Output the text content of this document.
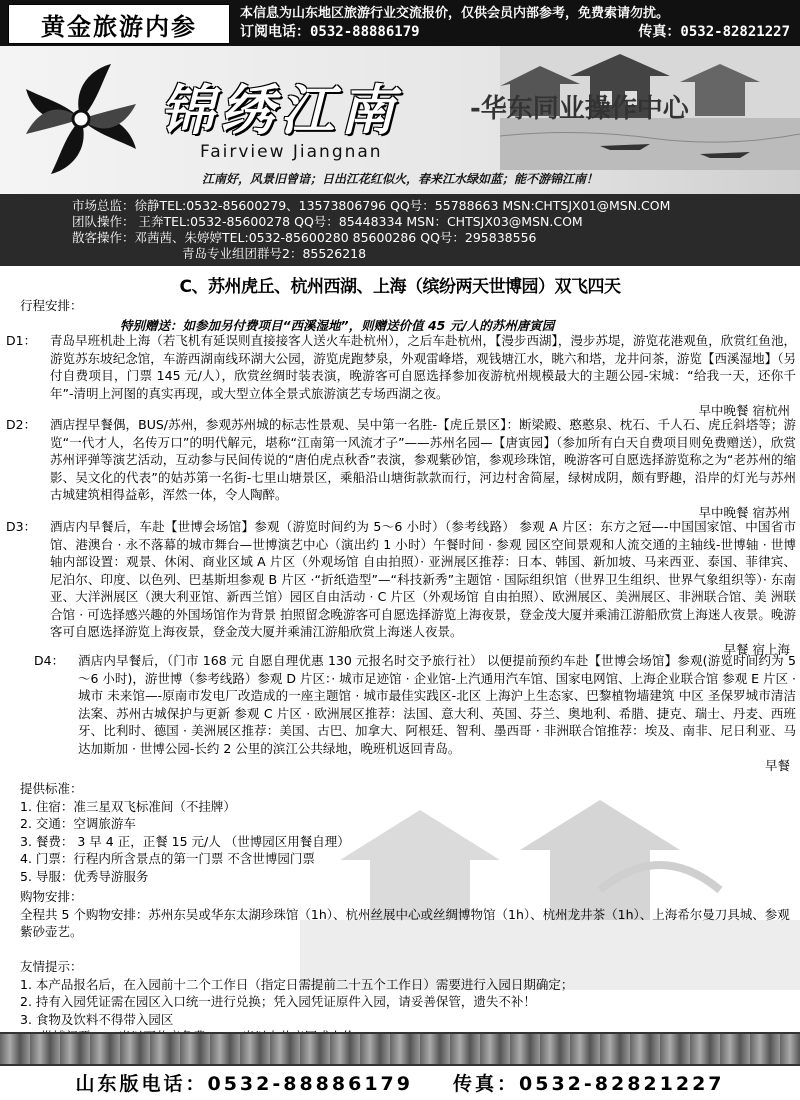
黄金旅游内参	本信息为山东地区旅游行业交流报价，仅供会员内部参考，免费索请勿扰。
订阅电话：0532-88886179	传真：0532-82821227
锦绣江南	-华东同业操作中心
Fairview Jiangnan
江南好，风景旧曾谙；日出江花红似火，春来江水绿如蓝；能不游锦江南！
市场总监：徐静TEL:0532-85600279、13573806796 QQ号：55788663 MSN:CHTSJX01@MSN.COM
团队操作： 王奔TEL:0532-85600278 QQ号：85448334 MSN：CHTSJX03@MSN.COM
散客操作：邓茜茜、朱婷婷TEL:0532-85600280 85600286 QQ号：295838556
青岛专业组团群号2：85526218
C、苏州虎丘、杭州西湖、上海（缤纷两天世博园）双飞四天
行程安排：
特别赠送：如参加另付费项目“西溪湿地”，则赠送价值 45 元/人的苏州唐寅园
D1：	青岛早班机赴上海（若飞机有延误则直接接客人送火车赴杭州），之后车赴杭州，【漫步西湖】，漫步苏堤，游览花港观鱼，欣赏红鱼池，游览苏东坡纪念馆，车游西湖南线环湖大公园，游览虎跑梦泉，外观雷峰塔，观钱塘江水，眺六和塔，龙井问茶，游览【西溪湿地】（另付自费项目，门票 145 元/人），欣赏丝绸时装表演，晚游客可自愿选择参加夜游杭州规模最大的主题公园-宋城：“给我一天，还你千年”-清明上河图的真实再现，或大型立体全景式旅游演艺专场西湖之夜。
早中晚餐 宿杭州
D2：	酒店捏早餐偶，BUS/苏州，参观苏州城的标志性景观、吴中第一名胜-【虎丘景区】：断梁殿、憨憨泉、枕石、千人石、虎丘斜塔等；游览“一代才人，名传万口”的明代解元，堪称“江南第一风流才子”——苏州名园—【唐寅园】（参加所有白天自费项目则免费赠送），欣赏苏州评弹等演艺活动，互动参与民间传说的“唐伯虎点秋香”表演，参观紫砂馆，参观珍珠馆，晚游客可自愿选择游览称之为“老苏州的缩影、吴文化的代表”的姑苏第一名街-七里山塘景区，乘船沿山塘街款款而行，河边村舍简屋，绿树成阴，颇有野趣，沿岸的灯光与苏州古城建筑相得益彰，浑然一体，令人陶醉。
早中晚餐 宿苏州
D3：	酒店内早餐后，车赴【世博会场馆】参观（游览时间约为 5～6 小时）（参考线路） 参观 A 片区：东方之冠—-中国国家馆、中国省市馆、港澳台 · 永不落幕的城市舞台—世博演艺中心（演出约 1 小时）午餐时间 · 参观 园区空间景观和人流交通的主轴线-世博轴 · 世博轴内部设置：观景、休闲、商业区域 A 片区（外观场馆 自由拍照）· 亚洲展区推荐：日本、韩国、新加坡、马来西亚、泰国、菲律宾、尼泊尔、印度、以色列、巴基斯坦参观 B 片区 ·“折纸造型”—“科技新秀”主题馆 · 国际组织馆（世界卫生组织、世界气象组织等）· 东南亚、大洋洲展区（澳大利亚馆、新西兰馆）园区自由活动 · C 片区（外观场馆 自由拍照）、欧洲展区、美洲展区、非洲联合馆、美 洲联合馆 · 可选择感兴趣的外国场馆作为背景 拍照留念晚游客可自愿选择游览上海夜景，登金茂大厦并乘浦江游船欣赏上海迷人夜景。晚游客可自愿选择游览上海夜景，登金茂大厦并乘浦江游船欣赏上海迷人夜景。
早餐 宿上海
D4：	酒店内早餐后，（门市 168 元 自愿自理优惠 130 元报名时交予旅行社） 以便提前预约车赴【世博会场馆】参观(游览时间约为 5～6 小时)，游世博（参考线路）参观 D 片区：· 城市足迹馆 · 企业馆-上汽通用汽车馆、国家电网馆、上海企业联合馆 参观 E 片区 · 城市 未来馆—-原南市发电厂改造成的一座主题馆 · 城市最佳实践区-北区 上海沪上生态家、巴黎植物墙建筑 中区 圣保罗城市清洁法案、苏州古城保护与更新 参观 C 片区 · 欧洲展区推荐：法国、意大利、英国、芬兰、奥地利、希腊、捷克、瑞士、丹麦、西班牙、比利时、德国 · 美洲展区推荐：美国、古巴、加拿大、阿根廷、智利、墨西哥 · 非洲联合馆推荐：埃及、南非、尼日利亚、马达加斯加 · 世博公园-长约 2 公里的滨江公共绿地，晚班机返回青岛。
早餐
提供标准：
1. 住宿：准三星双飞标准间（不挂牌）
2. 交通：空调旅游车
3. 餐费： 3 早 4 正，正餐 15 元/人 （世博园区用餐自理）
4. 门票：行程内所含景点的第一门票 不含世博园门票
5. 导服：优秀导游服务
购物安排：
全程共 5 个购物安排：苏州东吴或华东太湖珍珠馆（1h）、杭州丝展中心或丝绸博物馆（1h）、杭州龙井茶（1h）、上海希尔曼刀具城、参观紫砂壶艺。
友情提示：
1. 本产品报名后，在入园前十二个工作日（指定日需提前二十五个工作日）需要进行入园日期确定；
2. 持有入园凭证需在园区入口统一进行兑换；凭入园凭证原件入园，请妥善保管，遗失不补！
3. 食物及饮料不得带入园区
山东版电话：0532-88886179 传真：0532-82821227
